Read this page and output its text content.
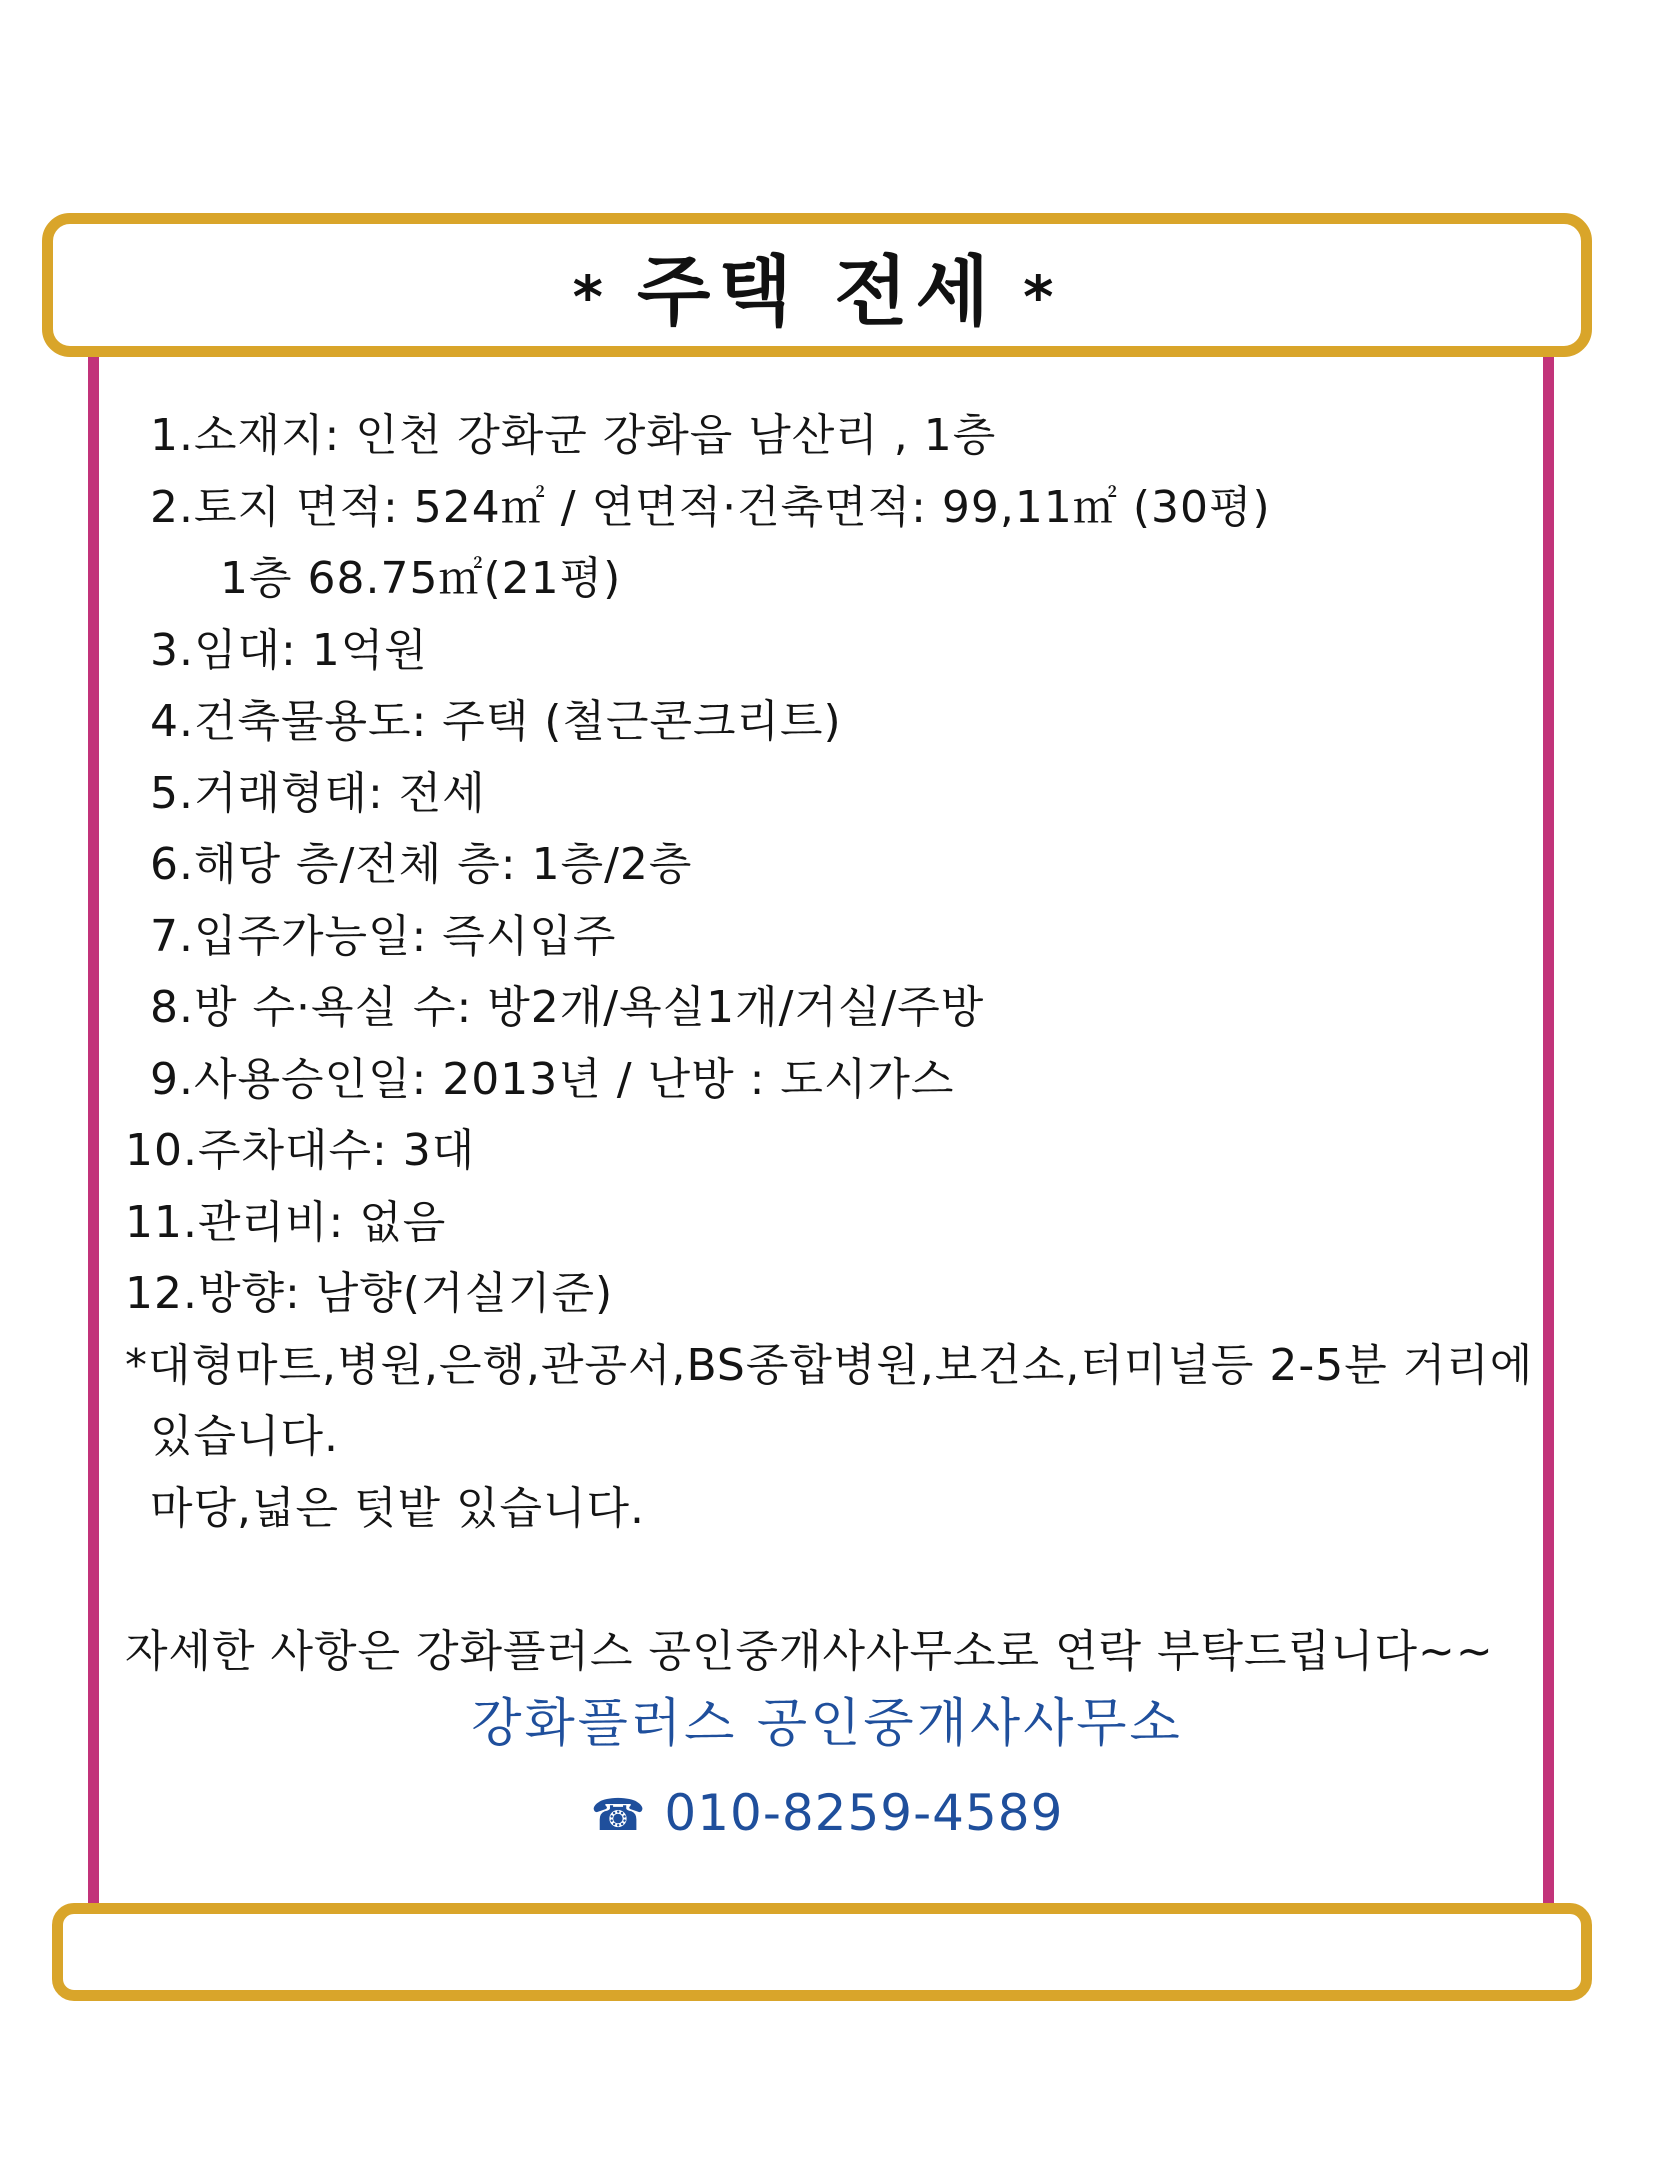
* 주택 전세 *
1.소재지: 인천 강화군 강화읍 남산리 , 1층
2.토지 면적: 524㎡ / 연면적·건축면적: 99,11㎡ (30평)
1층 68.75㎡(21평)
3.임대: 1억원
4.건축물용도: 주택 (철근콘크리트)
5.거래형태: 전세
6.해당 층/전체 층: 1층/2층
7.입주가능일: 즉시입주
8.방 수·욕실 수: 방2개/욕실1개/거실/주방
9.사용승인일: 2013년 / 난방 : 도시가스
10.주차대수: 3대
11.관리비: 없음
12.방향: 남향(거실기준)
*대형마트,병원,은행,관공서,BS종합병원,보건소,터미널등 2-5분 거리에
있습니다.
마당,넓은 텃밭 있습니다.
자세한 사항은 강화플러스 공인중개사사무소로 연락 부탁드립니다~~
강화플러스 공인중개사사무소
☎ 010-8259-4589
